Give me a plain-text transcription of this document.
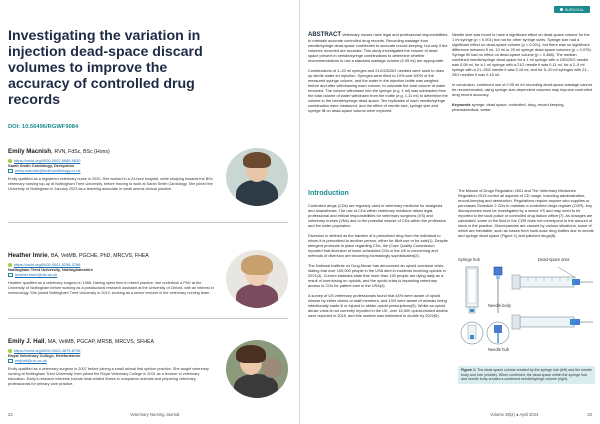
Investigating the variation in injection dead-space discard volumes to improve the accuracy of controlled drug records
DOI: 10.56496/RGWF9084
Emily Macnish, RVN, FdSc, BSc (Hons)
https://orcid.org/0000-0002-6689-9630
Sarah Smith Cardiology, Derbyshire
emily.macnish@smithcardiology.co.uk
Emily qualified as a registered veterinary nurse in 2020. She worked in a 24-hour hospital, while studying towards the BSc veterinary nursing top-up at Nottingham Trent University, before moving to work at Sarah Smith Cardiology. She joined the University of Nottingham in January 2023 as a teaching associate in small animal clinical practice.
Heather Imrie, BA, VetMB, PGCHE, PhD, MRCVS, FHEA
https://orcid.org/0000-0001-5258-3786
Nottingham Trent University, Nottinghamshire
heather.imrie@ntu.ac.uk
Heather qualified as a veterinary surgeon in 1988. Having spent time in mixed practice, she undertook a PhD at the University of Nottingham before working as a postdoctoral research assistant at the University of Oxford, with an interest in immunology. She joined Nottingham Trent University in 2013, working as a senior lecturer in the veterinary nursing team.
Emily J. Hall, MA, VetMB, PGCAP, MRSB, MRCVS, SFHEA
https://orcid.org/0000-0002-4879-8736
Royal Veterinary College, Hertfordshire
emjhall@rvc.ac.uk
Emily qualified as a veterinary surgeon in 2007 before joining a small animal first opinion practice. She taught veterinary nursing at Nottingham Trent University, then joined the Royal Veterinary College in 2021 as a lecturer in veterinary education. Emily's research interests include heat-related illness in companion animals and preparing veterinary professionals for primary care practice.
22	Veterinary Nursing Journal
SURGICAL

ABSTRACT Veterinary nurses have legal and professional responsibilities to maintain accurate controlled drug records. Recording wastage from needle/syringe dead-space contributes to accurate record-keeping, but only if the volumes recorded are accurate. This study investigated the volume of dead space present in needle/syringe combinations to determine whether recommendations to use a standard wastage volume (0.05 ml) are appropriate.

Combinations of 1–20 ml syringes and 21G/23/25G needles were used to draw up sterile water for injection. Syringes were filled to 10% and 100% of the measured syringe volume, and the water in the injection bottle was weighed before and after withdrawing each volume, to calculate the total volume of water removed. The volume withdrawn into the syringe (e.g. 1 ml) was subtracted from the total volume of water withdrawn from the bottle (e.g. 1.11 ml) to determine the volume in the needle/syringe dead space. Ten replicates of each needle/syringe combination were measured, and the effect of needle size, syringe size and syringe fill on dead-space volume were explored.

Needle size was found to have a significant effect on dead-space volume for the 1 ml syringe (p < 0.001) but not for other syringe sizes. Syringe size had a significant effect on dead-space volume (p < 0.001), but there was no significant difference between 5 ml, 10 ml or 20 ml syringe dead-space volumes (p = 0.076). Syringe fill had no effect on dead-space volume (p = 0.488). The median combined needle/syringe dead space for a 1 ml syringe with a 23G/25G needle was 0.08 ml, for a 1 ml syringe with a 21G needle it was 0.11 ml, for a 2–5 ml syringe with a 21–25G needle it was 0.16 ml, and for 5–20 ml syringes with 21–25G needles it was 0.16 ml.

In conclusion, continued use of 0.05 ml for recording dead-space wastage cannot be recommended; using syringe size-dependent volumes may improve controlled drug record accuracy.

Keywords syringe, dead space, controlled, drug, record keeping, pharmaceutical, waste

Introduction

Controlled drugs (CDs) are regularly used in veterinary medicine for analgesia and anaesthesia. The use of CDs within veterinary medicine raises legal, professional and ethical responsibilities for veterinary surgeons (VS) and veterinary nurses (VNs) due to the potential misuse of CDs within the profession and the wider population.

Diversion is defined as the transfer of a prescribed drug from the individual to whom it is prescribed to another person, either for illicit use or for sale(1). Despite stringent protocols in place regarding CDs, the (Care Quality Commission reported that diversion of lower-scheduled CDs in the UK is concerning and methods of diversion are becoming increasingly sophisticated(2).

The National Institute on Drug Abuse has announced an opioid overdose crisis, stating that over 100,000 people in the USA died in incidents involving opioids in 2021(3). Current statistics state that more than 130 people are dying daily as a result of overdosing on opioids, and the opioid crisis is impacting veterinary access to CDs for patient care in the USA(4).

A survey of US veterinary professionals found that 44% were aware of opioid misuse by either clients or staff members, and 13% were aware of animals being intentionally made ill or injured to obtain opioid prescriptions(5). Whilst an opioid abuse crisis is not currently reported in the UK, over 16,500 opioid-related deaths were reported in 2015, and this number was estimated to double by 2022(6).

The Misuse of Drugs Regulation 2001 and The Veterinary Medicines Regulation 2013 control all aspects of CD usage, including administration, record-keeping and destruction. Regulations require anyone who supplies or purchases Schedule 2 CDs to maintain a controlled drugs register (CDR). Any discrepancies must be investigated by a senior VS and may need to be reported to the local police or controlled drug liaison officer(7). As dosages are calculated, some of the fluid in the CDR does not correspond to the amount of stock in the practice. Discrepancies are caused by various situations, some of which are inevitable, such as losses from multi-dose drug bottles due to needle and syringe dead space (Figure 1) and patched drugs(8).

Syringe hub	Dead-space area
Needle body
Needle hub
Figure 1: The dead-space volume created by the syringe hub (left) and the needle body and hub (middle). When combined, the dead space within the syringe hub and needle body creates a combined needle/syringe volume (right).
Volume 38(2) ● April 2023	23
